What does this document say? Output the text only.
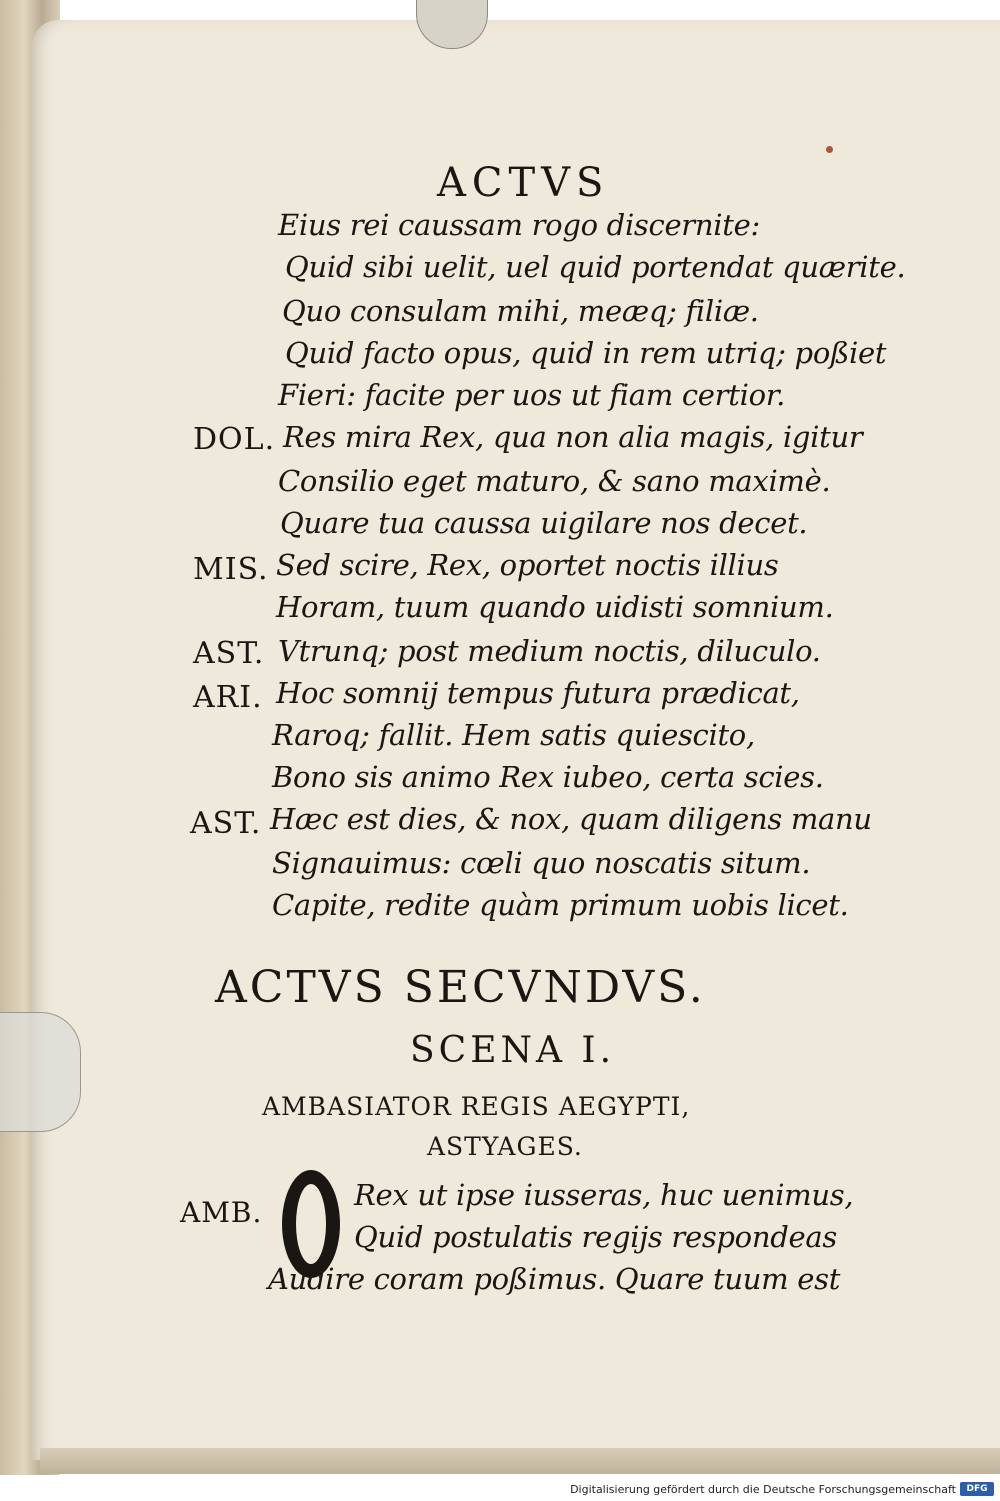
ACTVS
Eius rei caussam rogo discernite:
Quid sibi uelit, uel quid portendat quærite.
Quo consulam mihi, meæq; filiæ.
Quid facto opus, quid in rem utriq; poßiet
Fieri: facite per uos ut fiam certior.
DOL. Res mira Rex, qua non alia magis, igitur
Consilio eget maturo, & sano maximè.
Quare tua caussa uigilare nos decet.
MIS. Sed scire, Rex, oportet noctis illius
Horam, tuum quando uidisti somnium.
AST. Vtrunq; post medium noctis, diluculo.
ARI. Hoc somnij tempus futura prædicat,
Raroq; fallit. Hem satis quiescito,
Bono sis animo Rex iubeo, certa scies.
AST. Hæc est dies, & nox, quam diligens manu
Signauimus: cœli quo noscatis situm.
Capite, redite quàm primum uobis licet.
ACTVS SECVNDVS.
SCENA I.
AMBASIATOR REGIS AEGYPTI,
ASTYAGES.
AMB.
Rex ut ipse iusseras, huc uenimus,
Quid postulatis regijs respondeas
Audire coram poßimus. Quare tuum est
Digitalisierung gefördert durch die Deutsche Forschungsgemeinschaft	DFG
